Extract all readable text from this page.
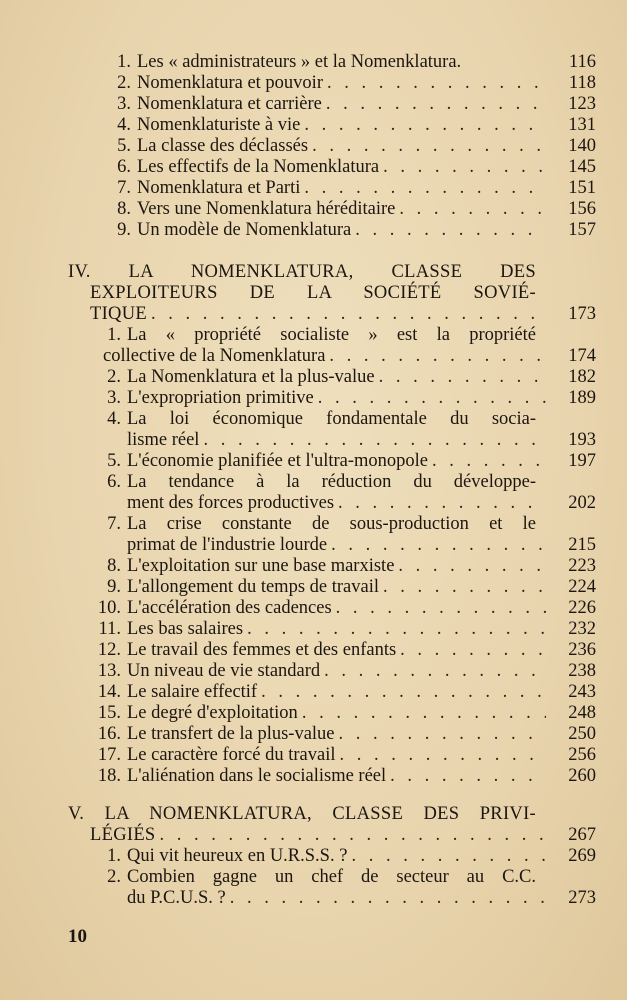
1. Les « administrateurs » et la Nomenklatura.	116
2. Nomenklatura et pouvoir . . .	118
3. Nomenklatura et carrière . . .	123
4. Nomenklaturiste à vie . . .	131
5. La classe des déclassés . . .	140
6. Les effectifs de la Nomenklatura . . .	145
7. Nomenklatura et Parti . . .	151
8. Vers une Nomenklatura héréditaire . . .	156
9. Un modèle de Nomenklatura . . .	157
IV. LA NOMENKLATURA, CLASSE DES
EXPLOITEURS DE LA SOCIÉTÉ SOVIÉ-
TIQUE . . .	173
1. La « propriété socialiste » est la propriété
collective de la Nomenklatura . . .	174
2. La Nomenklatura et la plus-value . . .	182
3. L'expropriation primitive . . .	189
4. La loi économique fondamentale du socia-
lisme réel . . .	193
5. L'économie planifiée et l'ultra-monopole . . .	197
6. La tendance à la réduction du développe-
ment des forces productives . . .	202
7. La crise constante de sous-production et le
primat de l'industrie lourde . . .	215
8. L'exploitation sur une base marxiste . . .	223
9. L'allongement du temps de travail . . .	224
10. L'accélération des cadences . . .	226
11. Les bas salaires . . .	232
12. Le travail des femmes et des enfants . . .	236
13. Un niveau de vie standard . . .	238
14. Le salaire effectif . . .	243
15. Le degré d'exploitation . . .	248
16. Le transfert de la plus-value . . .	250
17. Le caractère forcé du travail . . .	256
18. L'aliénation dans le socialisme réel . . .	260
V. LA NOMENKLATURA, CLASSE DES PRIVI-
LÉGIÉS . . .	267
1. Qui vit heureux en U.R.S.S. ? . . .	269
2. Combien gagne un chef de secteur au C.C.
du P.C.U.S. ? . . .	273
10
